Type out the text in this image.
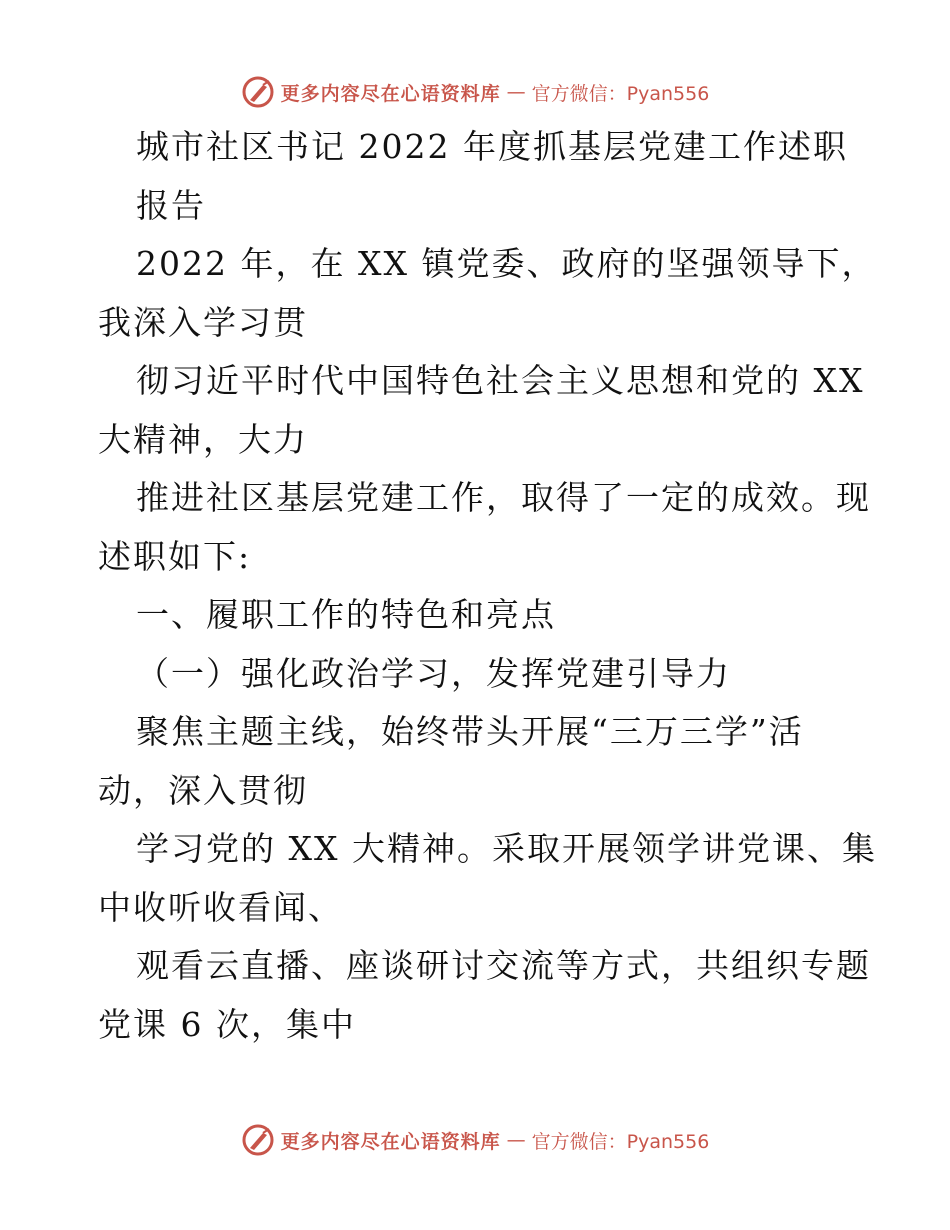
更多内容尽在心语资料库 — 官方微信：Pyan556
城市社区书记 2022 年度抓基层党建工作述职
报告
2022 年，在 XX 镇党委、政府的坚强领导下，
我深入学习贯
彻习近平时代中国特色社会主义思想和党的 XX
大精神，大力
推进社区基层党建工作，取得了一定的成效。现
述职如下:
一、履职工作的特色和亮点
（一）强化政治学习，发挥党建引导力
聚焦主题主线，始终带头开展“三万三学”活
动，深入贯彻
学习党的 XX 大精神。采取开展领学讲党课、集
中收听收看闻、
观看云直播、座谈研讨交流等方式，共组织专题
党课 6 次，集中
更多内容尽在心语资料库 — 官方微信：Pyan556
